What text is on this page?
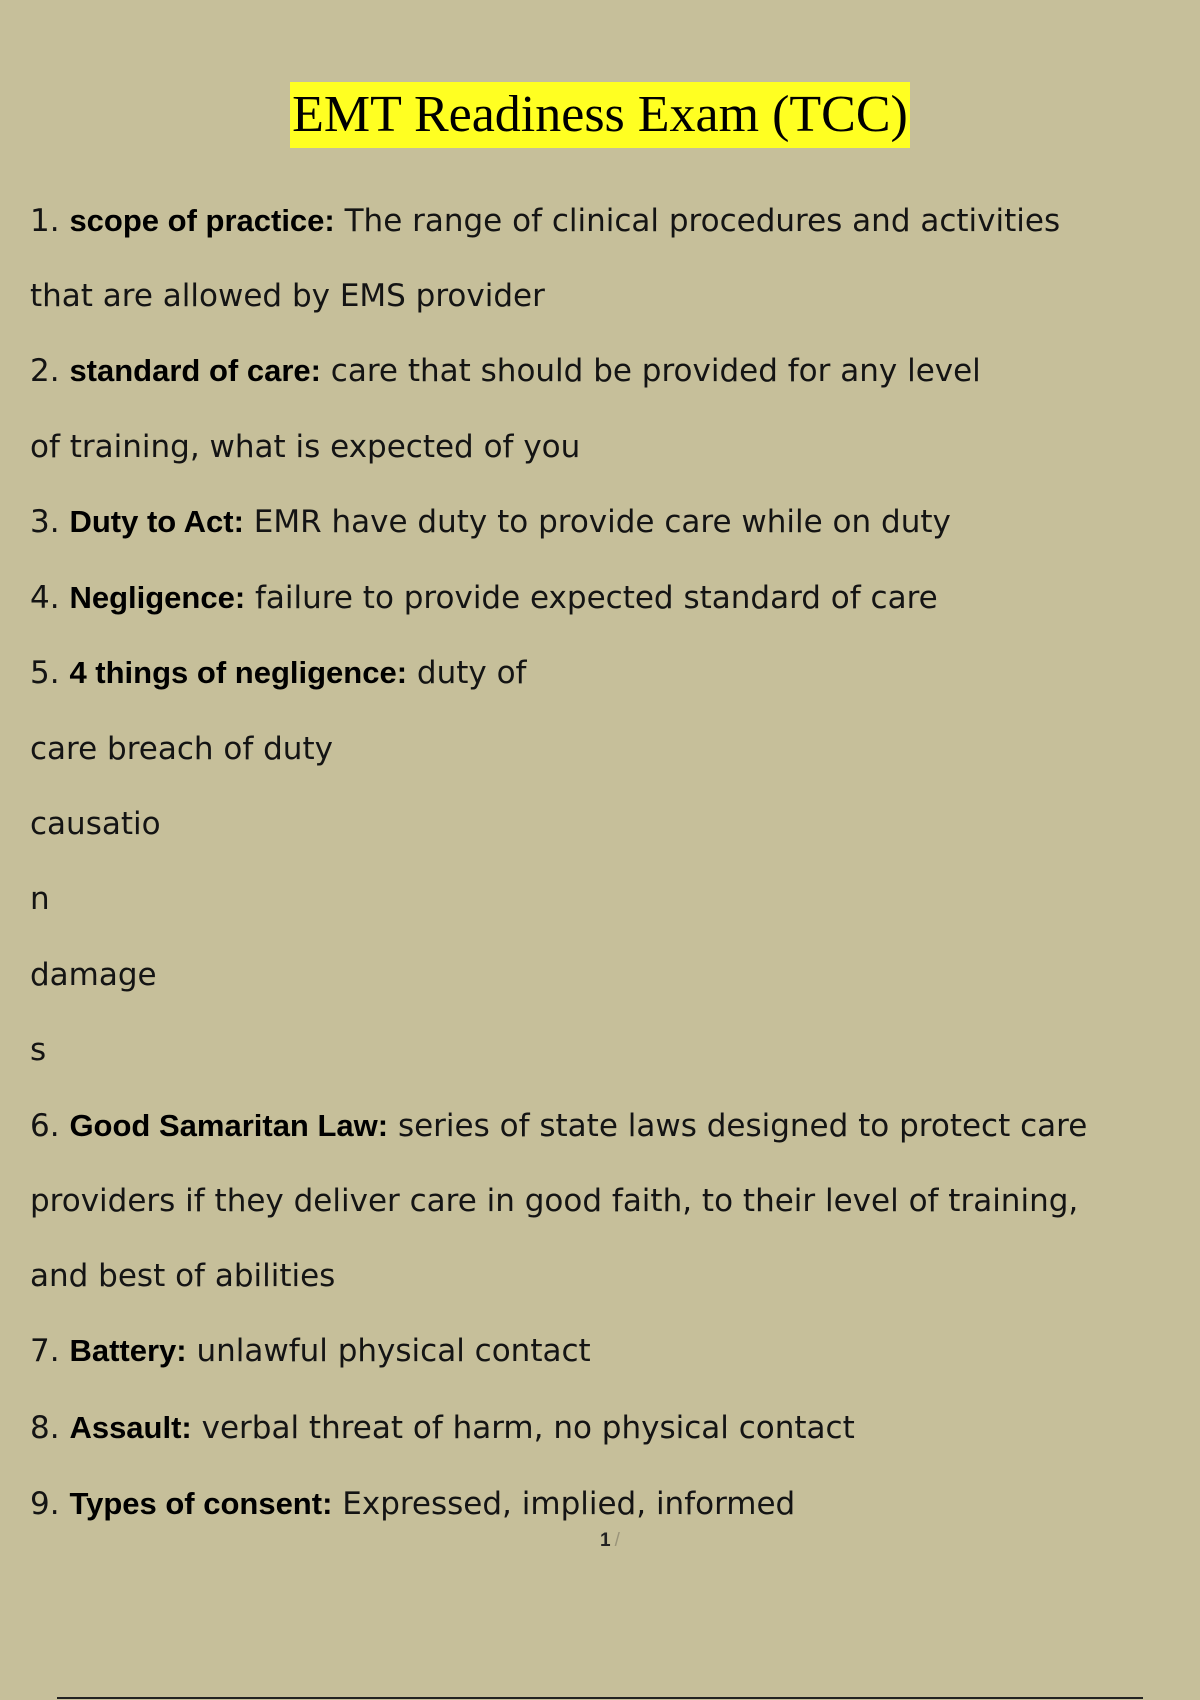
EMT Readiness Exam (TCC)
1. scope of practice: The range of clinical procedures and activities
that are allowed by EMS provider
2. standard of care: care that should be provided for any level
of training, what is expected of you
3. Duty to Act: EMR have duty to provide care while on duty
4. Negligence: failure to provide expected standard of care
5. 4 things of negligence: duty of
care breach of duty
causatio
n
damage
s
6. Good Samaritan Law: series of state laws designed to protect care
providers if they deliver care in good faith, to their level of training,
and best of abilities
7. Battery: unlawful physical contact
8. Assault: verbal threat of harm, no physical contact
9. Types of consent: Expressed, implied, informed
1 /
